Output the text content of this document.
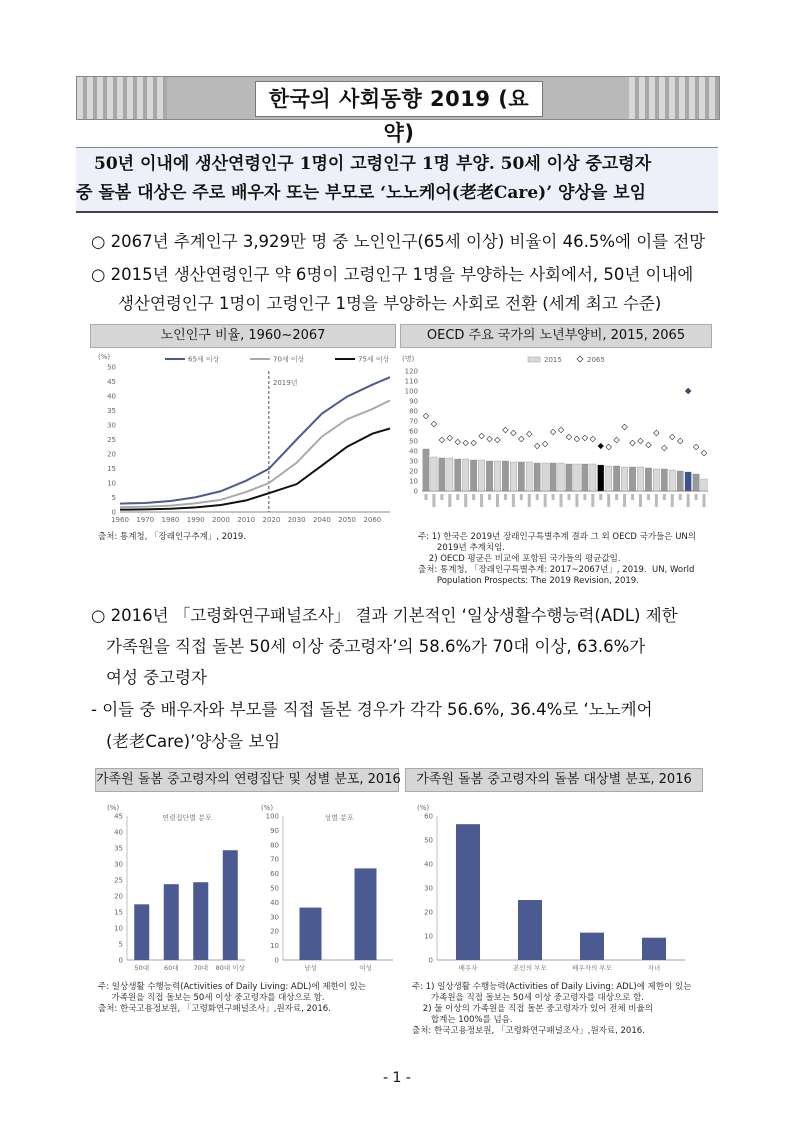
한국의 사회동향 2019 (요약)
50년 이내에 생산연령인구 1명이 고령인구 1명 부양. 50세 이상 중고령자
중 돌봄 대상은 주로 배우자 또는 부모로 ‘노노케어(老老Care)’ 양상을 보임
○ 2067년 추계인구 3,929만 명 중 노인인구(65세 이상) 비율이 46.5%에 이를 전망
○ 2015년 생산연령인구 약 6명이 고령인구 1명을 부양하는 사회에서, 50년 이내에
생산연령인구 1명이 고령인구 1명을 부양하는 사회로 전환 (세계 최고 수준)
노인인구 비율, 1960~2067
(%)
0
5
10
15
20
25
30
35
40
45
50
1960 1970 1980 1990 2000 2010 2020 2030 2040 2050 2060
2019년
65세 이상	70세 이상	75세 이상
출처: 통계청, 「장래인구추계」, 2019.
OECD 주요 국가의 노년부양비, 2015, 2065
(명)
0
10
20
30
40
50
60
70
80
90
100
110
120
2015	2065
주: 1) 한국은 2019년 장래인구특별추계 결과 그 외 OECD 국가들은 UN의
2019년 추계치임.
2) OECD 평균은 비교에 포함된 국가들의 평균값임.
출처: 통계청, 「장래인구특별추계: 2017~2067년」, 2019.  UN, World
Population Prospects: The 2019 Revision, 2019.
○ 2016년 「고령화연구패널조사」 결과 기본적인 ‘일상생활수행능력(ADL) 제한
가족원을 직접 돌본 50세 이상 중고령자’의 58.6%가 70대 이상, 63.6%가
여성 중고령자
- 이들 중 배우자와 부모를 직접 돌본 경우가 각각 56.6%, 36.4%로 ‘노노케어
(老老Care)’양상을 보임
가족원 돌봄 중고령자의 연령집단 및 성별 분포, 2016
(%)
0
5
10
15
20
25
30
35
40
45	연령집단별 분포
50대 60대 70대 80대 이상
(%)
0
10
20
30
40
50
60
70
80
90
100	성별 분포
남성	여성
주: 일상생활 수행능력(Activities of Daily Living: ADL)에 제한이 있는
가족원을 직접 돌보는 50세 이상 중고령자를 대상으로 함.
출처: 한국고용정보원, 「고령화연구패널조사」,원자료, 2016.
가족원 돌봄 중고령자의 돌봄 대상별 분포, 2016
(%)
0
10
20
30
40
50
60
배우자	본인의 부모	배우자의 부모	자녀
주: 1) 일상생활 수행능력(Activities of Daily Living: ADL)에 제한이 있는
가족원을 직접 돌보는 50세 이상 중고령자를 대상으로 함.
2) 둘 이상의 가족원을 직접 돌본 중고령자가 있어 전체 비율의
합계는 100%를 넘음.
출처: 한국고용정보원, 「고령화연구패널조사」,원자료, 2016.
- 1 -
